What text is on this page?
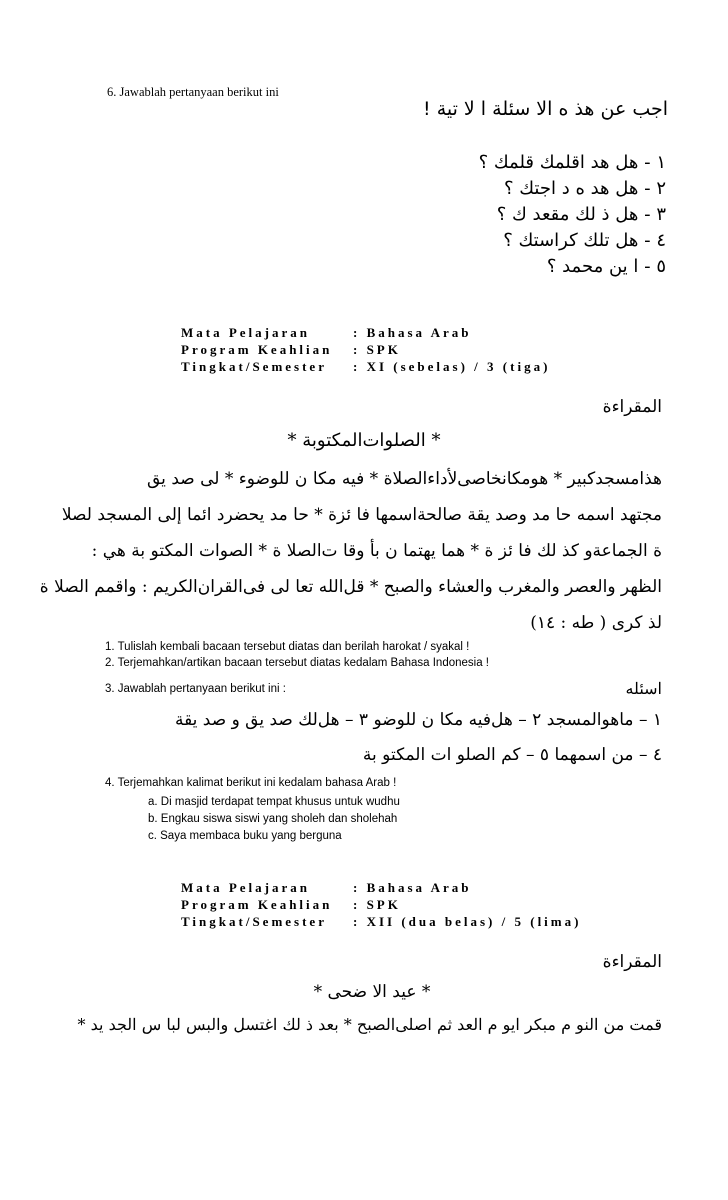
6. Jawablah pertanyaan berikut ini
اجب عن هذ ه الا سئلة ا لا تية !
١ - هل هد اقلمك قلمك ؟
٢ - هل هد ه د اجتك ؟
٣ - هل ذ لك مقعد ك ؟
٤ - هل تلك كراستك ؟
٥ - ا ين محمد ؟
Mata Pelajaran	: Bahasa Arab
Program Keahlian	: SPK
Tingkat/Semester	: XI (sebelas) / 3 (tiga)
المقراءة
* الصلوات‌المكتوبة *
هذامسجدكبير * هومكانخاصى‌لأداءالصلاة * فيه مكا ن للوضوء * لى صد يق
مجتهد اسمه حا مد وصد يقة صالحةاسمها فا ئزة * حا مد يحضرد ائما إلى المسجد لصلا
ة الجماعةو كذ لك فا ئز ة * هما يهتما ن بأ وقا ت‌الصلا ة * الصوات المكتو بة هي :
الظهر والعصر والمغرب والعشاء والصبح * قل‌الله تعا لى فى‌القران‌الكريم : واقمم الصلا ة
لذ كرى ( طه : ١٤)
1. Tulislah kembali bacaan tersebut diatas dan berilah harokat / syakal !
2. Terjemahkan/artikan bacaan tersebut diatas kedalam Bahasa Indonesia !
3. Jawablah pertanyaan berikut ini :	اسئله
١ – ماهوالمسجد ٢ – هل‌فيه مكا ن للوضو ٣ – هل‌لك صد يق و صد يقة
٤ – من اسمهما ٥ – كم الصلو ات المكتو بة
4. Terjemahkan kalimat berikut ini kedalam bahasa Arab !
a. Di masjid terdapat tempat khusus untuk wudhu
b. Engkau siswa siswi yang sholeh dan sholehah
c. Saya membaca buku yang berguna
Mata Pelajaran	: Bahasa Arab
Program Keahlian	: SPK
Tingkat/Semester	: XII (dua belas) / 5 (lima)
المقراءة
* عيد الا ضحى *
قمت من النو م مبكر ايو م العد ثم اصلى‌الصبح * بعد ذ لك اغتسل والبس لبا س الجد يد *
